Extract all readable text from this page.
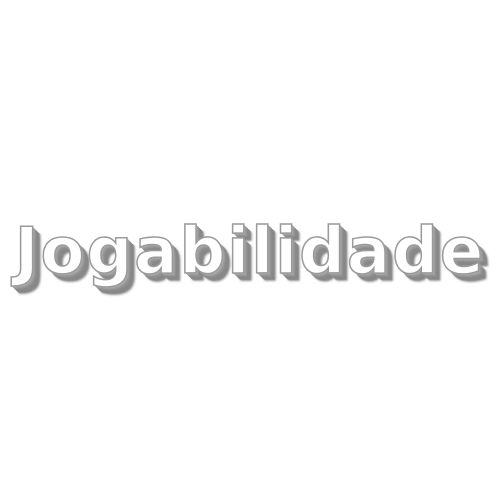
Jogabilidade
